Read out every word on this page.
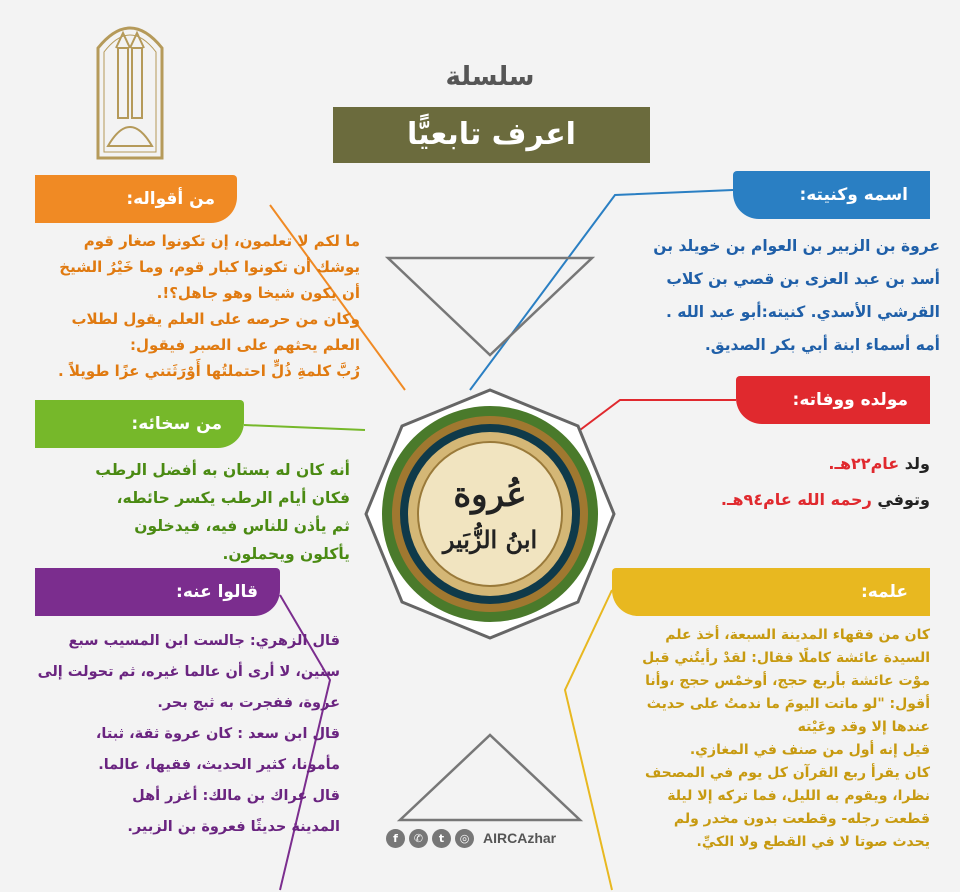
سلسلة
اعرف تابعيًّا
عُروة
ابنُ الزُّبَير
اسمه وكنيته:

عروة بن الزبير بن العوام بن خويلد بن

أسد بن عبد العزى بن قصي بن كلاب

القرشي الأسدي. كنيته:أبو عبد الله .

أمه أسماء ابنة أبي بكر الصديق.

من أقواله:

ما لكم لا تعلمون، إن تكونوا صغار قوم

يوشك أن تكونوا كبار قوم، وما خَيْرُ الشيخ

أن يكون شيخا وهو جاهل؟!.

وكان من حرصه على العلم يقول لطلاب

العلم يحثهم على الصبر فيقول:

رُبَّ كلمةِ ذُلٍّ احتملتُها أَوْرَثَتني عزًا طويلاً .

مولده ووفاته:

ولد عام٢٢هـ.

وتوفي رحمه الله عام٩٤هـ.

من سخائه:

أنه كان له بستان به أفضل الرطب

فكان أيام الرطب يكسر حائطه،

ثم يأذن للناس فيه، فيدخلون

يأكلون ويحملون.

علمه:

كان من فقهاء المدينة السبعة، أخذ علم

السيدة عائشة كاملًا فقال: لقدْ رأيتُني قبل

موْت عائشة بأربع حجج، أوخمْس حجج ،وأنا

أقول: "لو ماتت اليومَ ما ندمتُ على حديث

عندها إلا وقد وعَيْته

قيل إنه أول من صنف في المغازي.

كان يقرأ ربع القرآن كل يوم في المصحف

نظرا، ويقوم به الليل، فما تركه إلا ليلة

قطعت رجله- وقطعت بدون مخدر ولم

يحدث صوتا لا في القطع ولا الكيِّ.

قالوا عنه:

قال الزهري: جالست ابن المسيب سبع

سنين، لا أرى أن عالما غيره، ثم تحولت إلى

عروة، ففجرت به ثبج بحر.

قال ابن سعد : كان عروة ثقة، ثبتا،

مأمونا، كثير الحديث، فقيها، عالما.

قال عراك بن مالك: أغزر أهل

المدينة حديثًا فعروة بن الزبير.

f	✆	t	◎ AIRCAzhar
